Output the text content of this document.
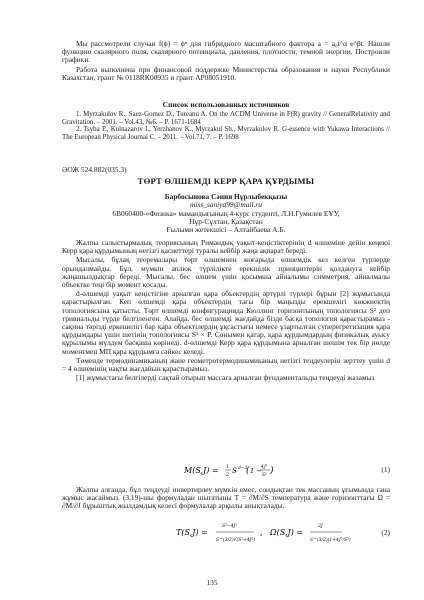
Мы рассмотрели случаи f(ϕ) = ϕⁿ для гибридного масштабного фактора a = a₀t^α e^βt. Нашли функцию скалярного поля, скалярного потенциала, давления, плотности, темной энергии. Построили графики.

Работа выполнена при финансовой поддержке Министерства образования и науки Республики Казахстан, грант № 0118RK00935 и грант AP08051910.

Список использованных источников

1. Myrzakulov R., Saez-Gomez D., Tureanu A. On the ΛCDM Universe in F(R) gravity // GeneralRelativity and Gravitation. – 2001. – Vol.43, №6. – P. 1671-1684

2. Tsyba P., Kulnazarov I., Yerzhanov K., Myrzakul Sh., Myrzakulov R. G-essence with Yukawa Interactions // The European Physical Journal C. – 2011. – Vol.71, 7. – P. 1698

ӘОЖ 524.882(035.3)
ТӨРТ ӨЛШЕМДІ КЕРР ҚАРА ҚҰРДЫМЫ
Барбосынова Сәния Нұрлыбекқызы
miss_saniya99@mail.ru
6В060400-«Физика» мамандығының 4-курс студенті, Л.Н.Гумилев ЕҰУ,
Нұр-Сұлтан, Қазақстан
Ғылыми жетекшісі – Алтайбаева А.Б.

Жалпы салыстырмалық теориясының Римандық уақыт-кеңістіктерінің d өлшеміне дейін кеңеюі Керр қара құрдымының негізгі қасиеттері туралы кейбір жаңа ақпарат береді.

Мысалы, бұлақ теоремалары төрт өлшемнен жоғарыда өлшемдік кез келген түрлерде орындалмайды. Бұл, мүмкін аплюк түрлілікте ерекшілік принциптерін қолдануға кейбір жаңашылдықтар береді. Мысалы, бес өлшем үшін қосымша айналымы симметрия, айналмалы объектке теңі бір момент қосады.

d-өлшемді уақыт кеңістігіне арналған қара объектердің әртүрлі түрлері бұрын [2] жұмысында қарастырылған. Кеп өлшемді қара объектердің тағы бір маңызды ерекшелігі көкжиектің топологиясына қатысты. Төрт өлшемді конфигурацияда Кюллинг горизонтының топологиясы S² деп тривиальды түрде белгіленген. Алайда, бес өлшемді жағдайда бізде басқа топология қарастырамыз - сақина тәрізді еркешелігі бар қара объектілердің ұқсастығы немесе ұзартылған суперегретизация қара құрдымдары үшін шетінің топологиясы S¹ × P. Сонымен қатар, қара құрдымдардың физикалық ауысу құрылымы мүлдем басқаша көрінеді. d-өлшемді Керр қара құрдымына арналған шешім тек бір нөлде моментмен МП қара құрдымға сәйкес келеді.

Төменде термодинамиканың жане геометротермодинамиканың негізгі теңдеулерін зерттеу үшін d = 4 өлшемінің нақты жағдайын қарастырамыз.

[1] жұмыстағы белгілерді сақтай отырып массаға арналған фундаментальды теңдеуді жазамыз

M(S,J) = 1
2 S d−3
( 1 − 4J²
S² )	(1)

Жалпы алғанда, бұл теңдеуді инвертирлеу мүмкін емес, сондықтан тек массаның ұғымында ғана жұмыс жасаймыз. (3.19)-шы формуладан шығатыны T = ∂M/∂S температура және горизонттағы Ω = ∂M/∂J бұрыштық жылдамдық келесі формулалар арқылы анықталады.

T(S,J) =
S²−4J²
S^(3/2)√(S²+4J²)
, Ω(S,J) =
2J
S^(3/2)(1+4J²/S²)
(2)
135
